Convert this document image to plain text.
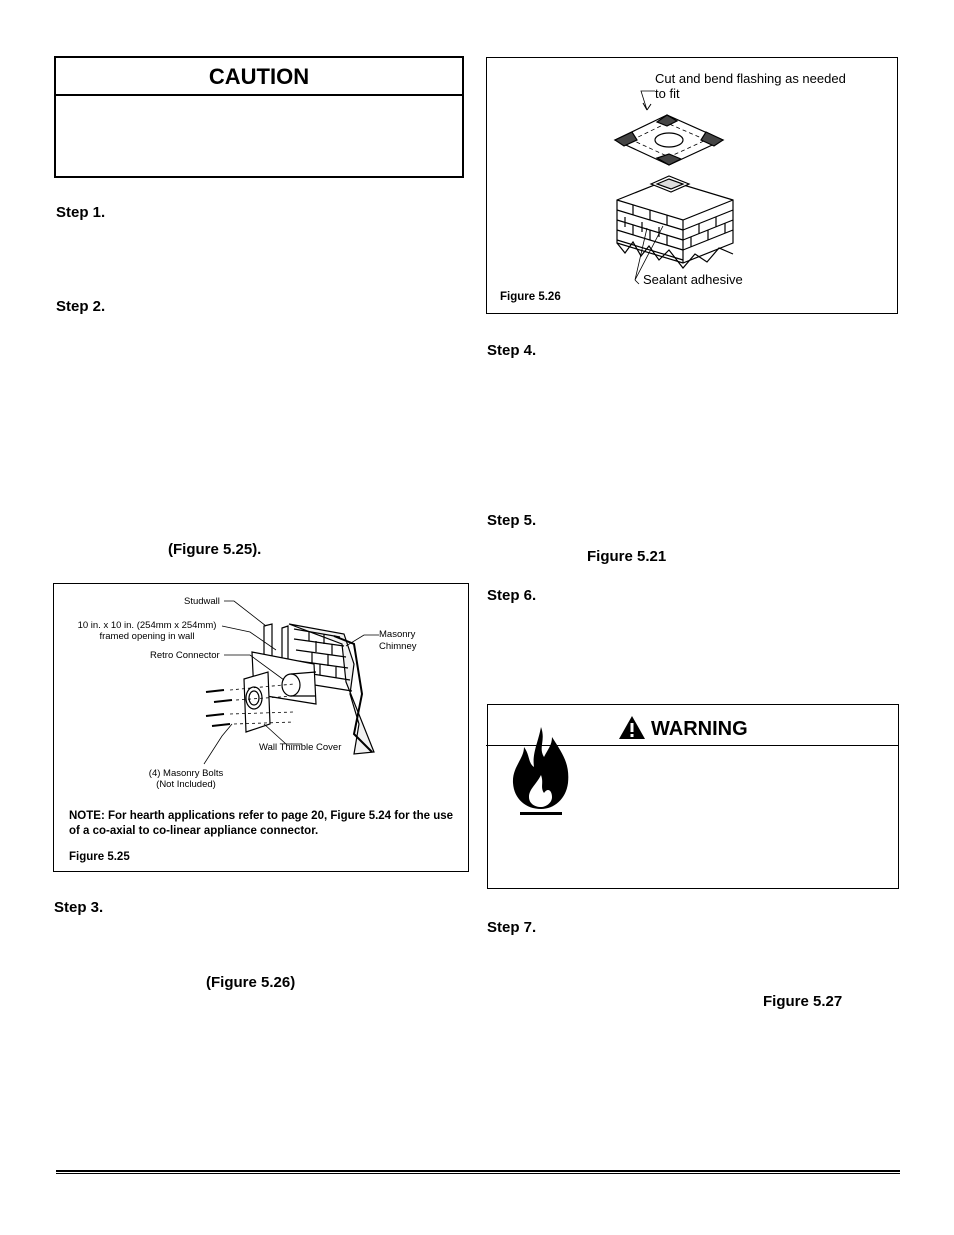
CAUTION
Step 1.
Step 2.
(Figure 5.25).
Studwall
10 in. x 10 in. (254mm x 254mm)
framed opening in wall
Retro Connector
Masonry
Chimney
Wall Thimble Cover
(4) Masonry Bolts
(Not Included)
NOTE: For hearth applications refer to page 20, Figure 5.24 for the use of a co-axial to co-linear appliance connector.
Figure 5.25
Step 3.
(Figure 5.26)
Cut and bend flashing as needed
to fit
Sealant adhesive
Figure 5.26
Step 4.
Step 5.
Figure 5.21
Step 6.
WARNING
Step 7.
Figure 5.27
